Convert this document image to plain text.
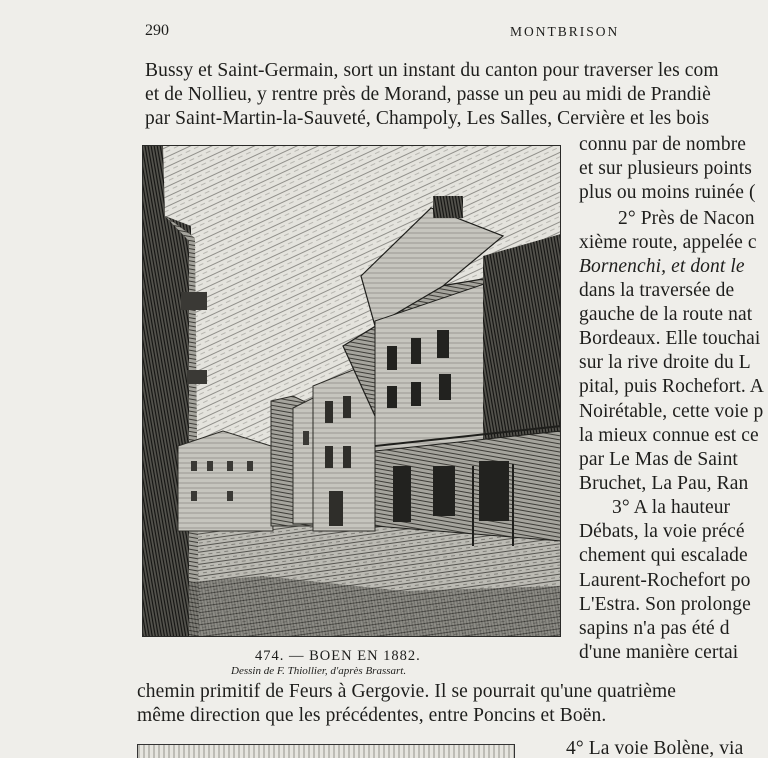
290	MONTBRISON
Bussy et Saint-Germain, sort un instant du canton pour traverser les com
et de Nollieu, y rentre près de Morand, passe un peu au midi de Prandiè
par Saint-Martin-la-Sauveté, Champoly, Les Salles, Cervière et les bois
connu par de nombre
et sur plusieurs points
plus ou moins ruinée (
2° Près de Nacon
xième route, appelée c
Bornenchi, et dont le
dans la traversée de
gauche de la route nat
Bordeaux. Elle touchai
sur la rive droite du L
pital, puis Rochefort. A
Noirétable, cette voie p
la mieux connue est ce
par Le Mas de Saint
Bruchet, La Pau, Ran
3° A la hauteur
Débats, la voie précé
chement qui escalade
Laurent-Rochefort po
L'Estra. Son prolonge
sapins n'a pas été d
d'une manière certai
474. — BOEN EN 1882.
Dessin de F. Thiollier, d'après Brassart.
chemin primitif de Feurs à Gergovie. Il se pourrait qu'une quatrième
même direction que les précédentes, entre Poncins et Boën.
4° La voie Bolène, via
